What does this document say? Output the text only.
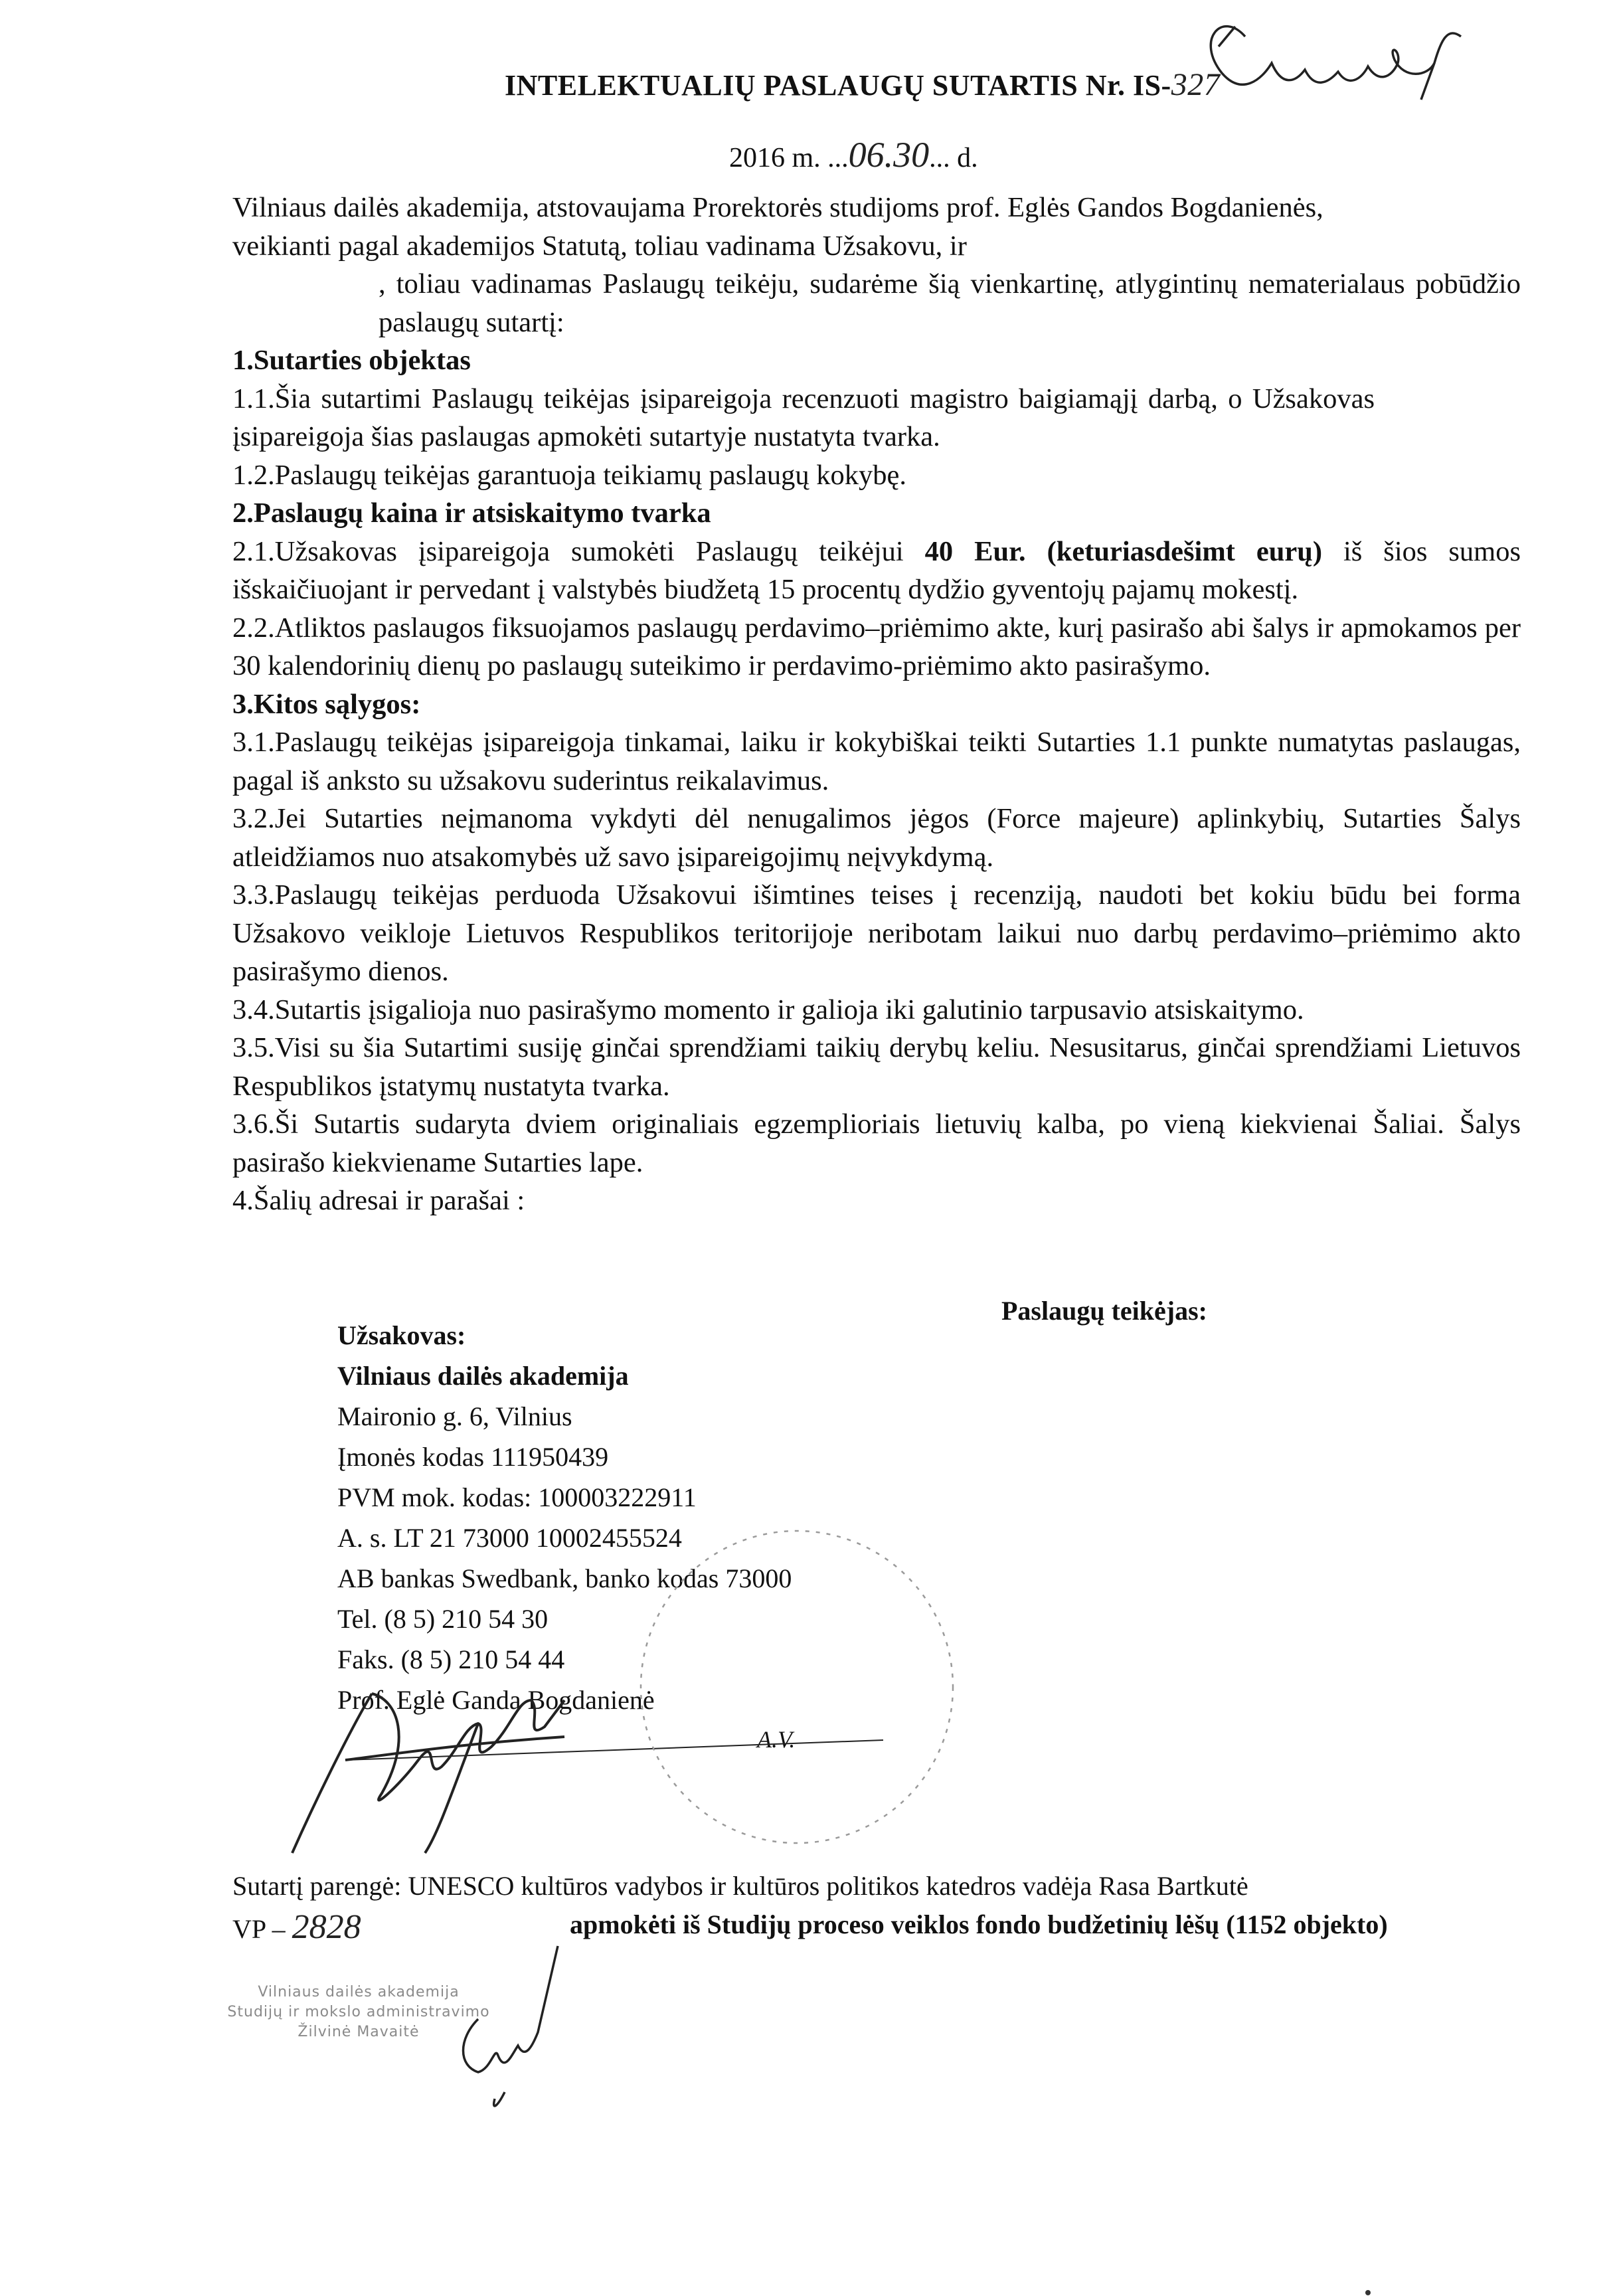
INTELEKTUALIŲ PASLAUGŲ SUTARTIS Nr. IS-327
2016 m. ...06.30... d.

Vilniaus dailės akademija, atstovaujama Prorektorės studijoms prof. Eglės Gandos Bogdanienės,

veikianti pagal akademijos Statutą, toliau vadinama Užsakovu, ir

, toliau vadinamas Paslaugų teikėju, sudarėme šią vienkartinę, atlygintinų nematerialaus pobūdžio paslaugų sutartį:

1.Sutarties objektas

1.1.Šia sutartimi Paslaugų teikėjas įsipareigoja recenzuoti magistro baigiamąjį darbą, o Užsakovas įsipareigoja šias paslaugas apmokėti sutartyje nustatyta tvarka.

1.2.Paslaugų teikėjas garantuoja teikiamų paslaugų kokybę.

2.Paslaugų kaina ir atsiskaitymo tvarka

2.1.Užsakovas įsipareigoja sumokėti Paslaugų teikėjui 40 Eur. (keturiasdešimt eurų) iš šios sumos išskaičiuojant ir pervedant į valstybės biudžetą 15 procentų dydžio gyventojų pajamų mokestį.

2.2.Atliktos paslaugos fiksuojamos paslaugų perdavimo–priėmimo akte, kurį pasirašo abi šalys ir apmokamos per 30 kalendorinių dienų po paslaugų suteikimo ir perdavimo-priėmimo akto pasirašymo.

3.Kitos sąlygos:

3.1.Paslaugų teikėjas įsipareigoja tinkamai, laiku ir kokybiškai teikti Sutarties 1.1 punkte numatytas paslaugas, pagal iš anksto su užsakovu suderintus reikalavimus.

3.2.Jei Sutarties neįmanoma vykdyti dėl nenugalimos jėgos (Force majeure) aplinkybių, Sutarties Šalys atleidžiamos nuo atsakomybės už savo įsipareigojimų neįvykdymą.

3.3.Paslaugų teikėjas perduoda Užsakovui išimtines teises į recenziją, naudoti bet kokiu būdu bei forma Užsakovo veikloje Lietuvos Respublikos teritorijoje neribotam laikui nuo darbų perdavimo–priėmimo akto pasirašymo dienos.

3.4.Sutartis įsigalioja nuo pasirašymo momento ir galioja iki galutinio tarpusavio atsiskaitymo.

3.5.Visi su šia Sutartimi susiję ginčai sprendžiami taikių derybų keliu. Nesusitarus, ginčai sprendžiami Lietuvos Respublikos įstatymų nustatyta tvarka.

3.6.Ši Sutartis sudaryta dviem originaliais egzemplioriais lietuvių kalba, po vieną kiekvienai Šaliai. Šalys pasirašo kiekviename Sutarties lape.

4.Šalių adresai ir parašai :

Paslaugų teikėjas:
Užsakovas:
Vilniaus dailės akademija
Maironio g. 6, Vilnius
Įmonės kodas 111950439
PVM mok. kodas: 100003222911
A. s. LT 21 73000 10002455524
AB bankas Swedbank, banko kodas 73000
Tel. (8 5) 210 54 30
Faks. (8 5) 210 54 44
Prof. Eglė Ganda Bogdanienė
A.V.
Vilniaus dailės akademija
Studijų ir mokslo administravimo
Žilvinė Mavaitė
Sutartį parengė: UNESCO kultūros vadybos ir kultūros politikos katedros vadėja Rasa Bartkutė
VP – 2828	apmokėti iš Studijų proceso veiklos fondo budžetinių lėšų (1152 objekto)
